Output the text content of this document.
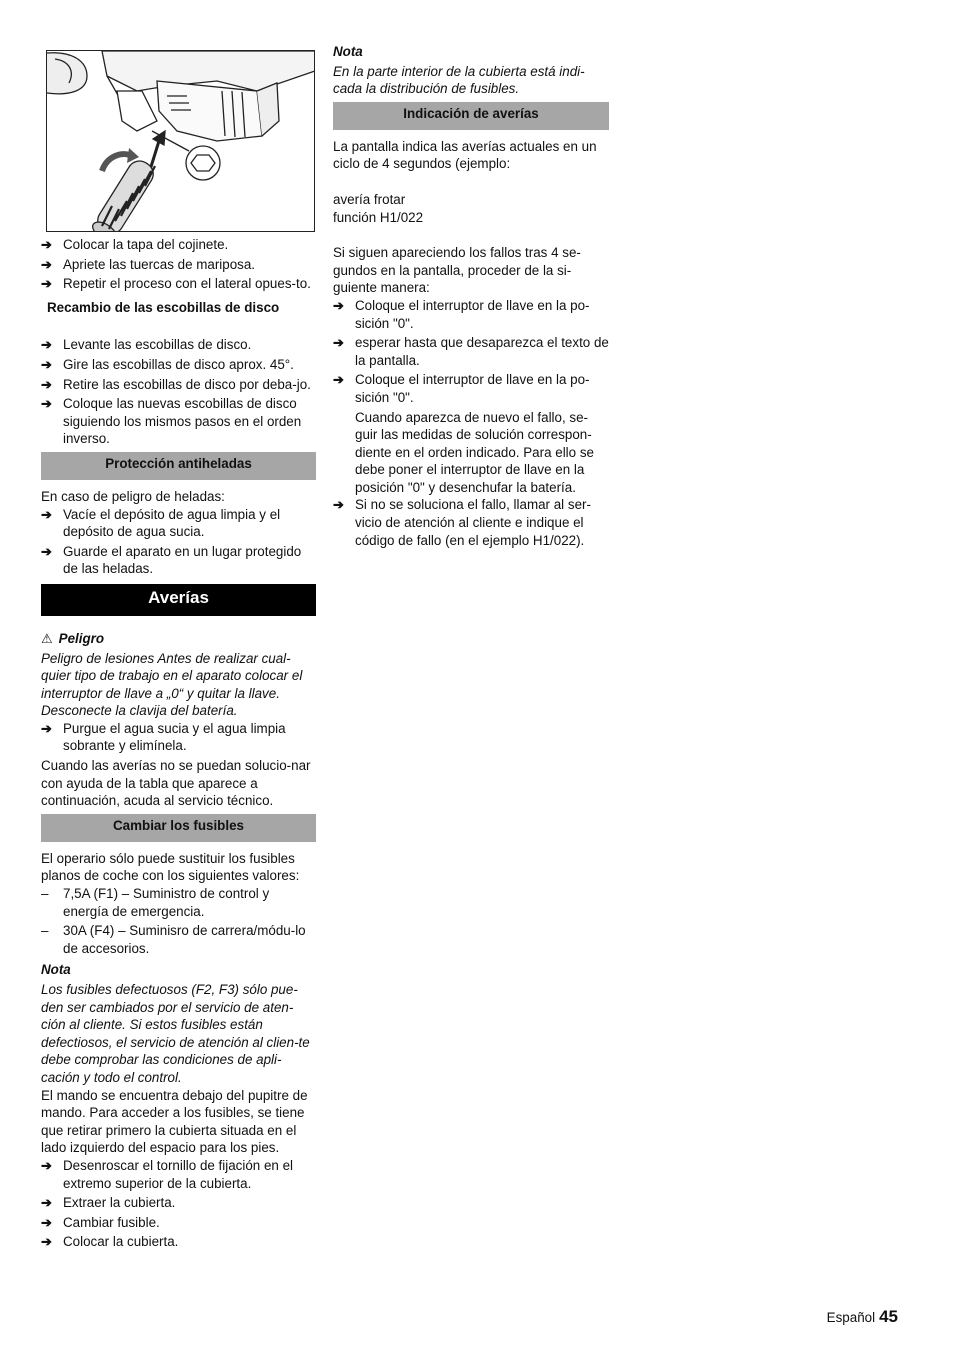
➔ Colocar la tapa del cojinete.
➔ Apriete las tuercas de mariposa.
➔ Repetir el proceso con el lateral opues-to.

Recambio de las escobillas de disco

➔ Levante las escobillas de disco.
➔ Gire las escobillas de disco aprox. 45°.
➔ Retire las escobillas de disco por deba-jo.
➔ Coloque las nuevas escobillas de disco siguiendo los mismos pasos en el orden inverso.
Protección antiheladas

En caso de peligro de heladas:

➔ Vacíe el depósito de agua limpia y el depósito de agua sucia.
➔ Guarde el aparato en un lugar protegido de las heladas.
Averías
⚠ Peligro

Peligro de lesiones Antes de realizar cual-quier tipo de trabajo en el aparato colocar el interruptor de llave a „0“ y quitar la llave. Desconecte la clavija del batería.

➔ Purgue el agua sucia y el agua limpia sobrante y elimínela.

Cuando las averías no se puedan solucio-nar con ayuda de la tabla que aparece a continuación, acuda al servicio técnico.

Cambiar los fusibles

El operario sólo puede sustituir los fusibles planos de coche con los siguientes valores:

– 7,5A (F1) – Suministro de control y energía de emergencia.
– 30A (F4) – Suminisro de carrera/módu-lo de accesorios.

Nota

Los fusibles defectuosos (F2, F3) sólo pue-den ser cambiados por el servicio de aten-ción al cliente. Si estos fusibles están defectiosos, el servicio de atención al clien-te debe comprobar las condiciones de apli-cación y todo el control.

El mando se encuentra debajo del pupitre de mando. Para acceder a los fusibles, se tiene que retirar primero la cubierta situada en el lado izquierdo del espacio para los pies.

➔ Desenroscar el tornillo de fijación en el extremo superior de la cubierta.
➔ Extraer la cubierta.
➔ Cambiar fusible.
➔ Colocar la cubierta.

Nota

En la parte interior de la cubierta está indi-cada la distribución de fusibles.

Indicación de averías

La pantalla indica las averías actuales en un ciclo de 4 segundos (ejemplo:

avería frotar

función H1/022

Si siguen apareciendo los fallos tras 4 se-gundos en la pantalla, proceder de la si-guiente manera:

➔ Coloque el interruptor de llave en la po-sición "0".
➔ esperar hasta que desaparezca el texto de la pantalla.
➔ Coloque el interruptor de llave en la po-sición "0".

Cuando aparezca de nuevo el fallo, se-guir las medidas de solución correspon-diente en el orden indicado. Para ello se debe poner el interruptor de llave en la posición "0" y desenchufar la batería.

➔ Si no se soluciona el fallo, llamar al ser-vicio de atención al cliente e indique el código de fallo (en el ejemplo H1/022).
Español 45
